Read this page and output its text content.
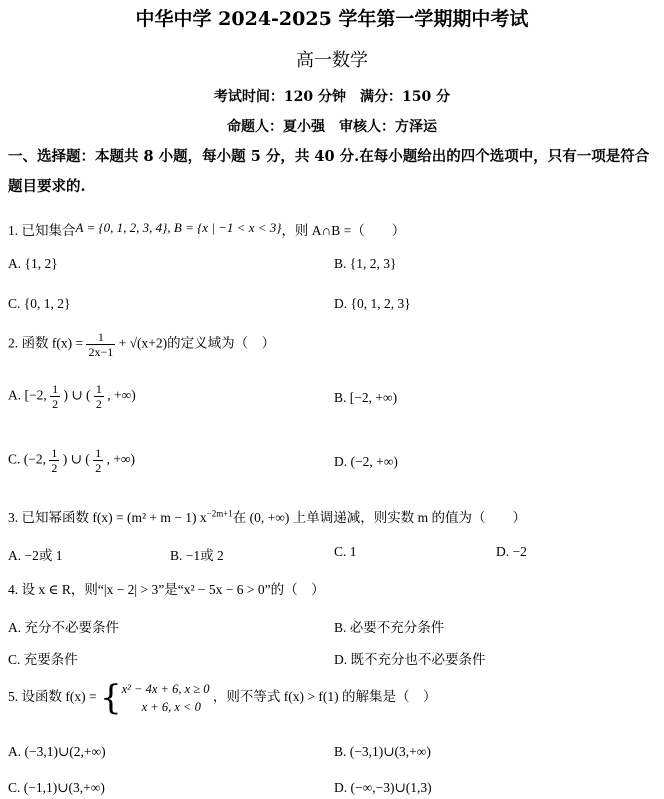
中华中学 2024-2025 学年第一学期期中考试
高一数学
考试时间：120 分钟　满分：150 分
命题人：夏小强　审核人：方泽运
一、选择题：本题共 8 小题，每小题 5 分，共 40 分.在每小题给出的四个选项中，只有一项是符合题目要求的.
1. 已知集合A = {0, 1, 2, 3, 4}, B = {x | −1 < x < 3}，则 A∩B =（　　）
A. {1, 2}	B. {1, 2, 3}
C. {0, 1, 2}	D. {0, 1, 2, 3}
2. 函数 $f(x) = \frac{1}{2x-1} + √(x+2)$的定义域为（　）
A. [−2, $\frac{1}{2}$ ) ∪ ( $\frac{1}{2}$ , +∞)	B. [−2, +∞)
C. (−2, $\frac{1}{2}$ ) ∪ ( $\frac{1}{2}$ , +∞)	D. (−2, +∞)
3. 已知幂函数 f(x) = (m² + m − 1) $x^{-2m+1}$在 (0, +∞) 上单调递减，则实数 m 的值为（　　）
A. −2或 1	B. −1或 2	C. 1	D. −2
4. 设 x ∈ R，则“|x − 2| > 3”是“x² − 5x − 6 > 0”的（　）
A. 充分不必要条件	B. 必要不充分条件
C. 充要条件	D. 既不充分也不必要条件
5. 设函数 f(x) = { x² − 4x + 6, x ≥ 0
x + 6, x < 0
，则不等式 f(x) > f(1) 的解集是（　）
A. (−3,1)∪(2,+∞)	B. (−3,1)∪(3,+∞)
C. (−1,1)∪(3,+∞)	D. (−∞,−3)∪(1,3)
